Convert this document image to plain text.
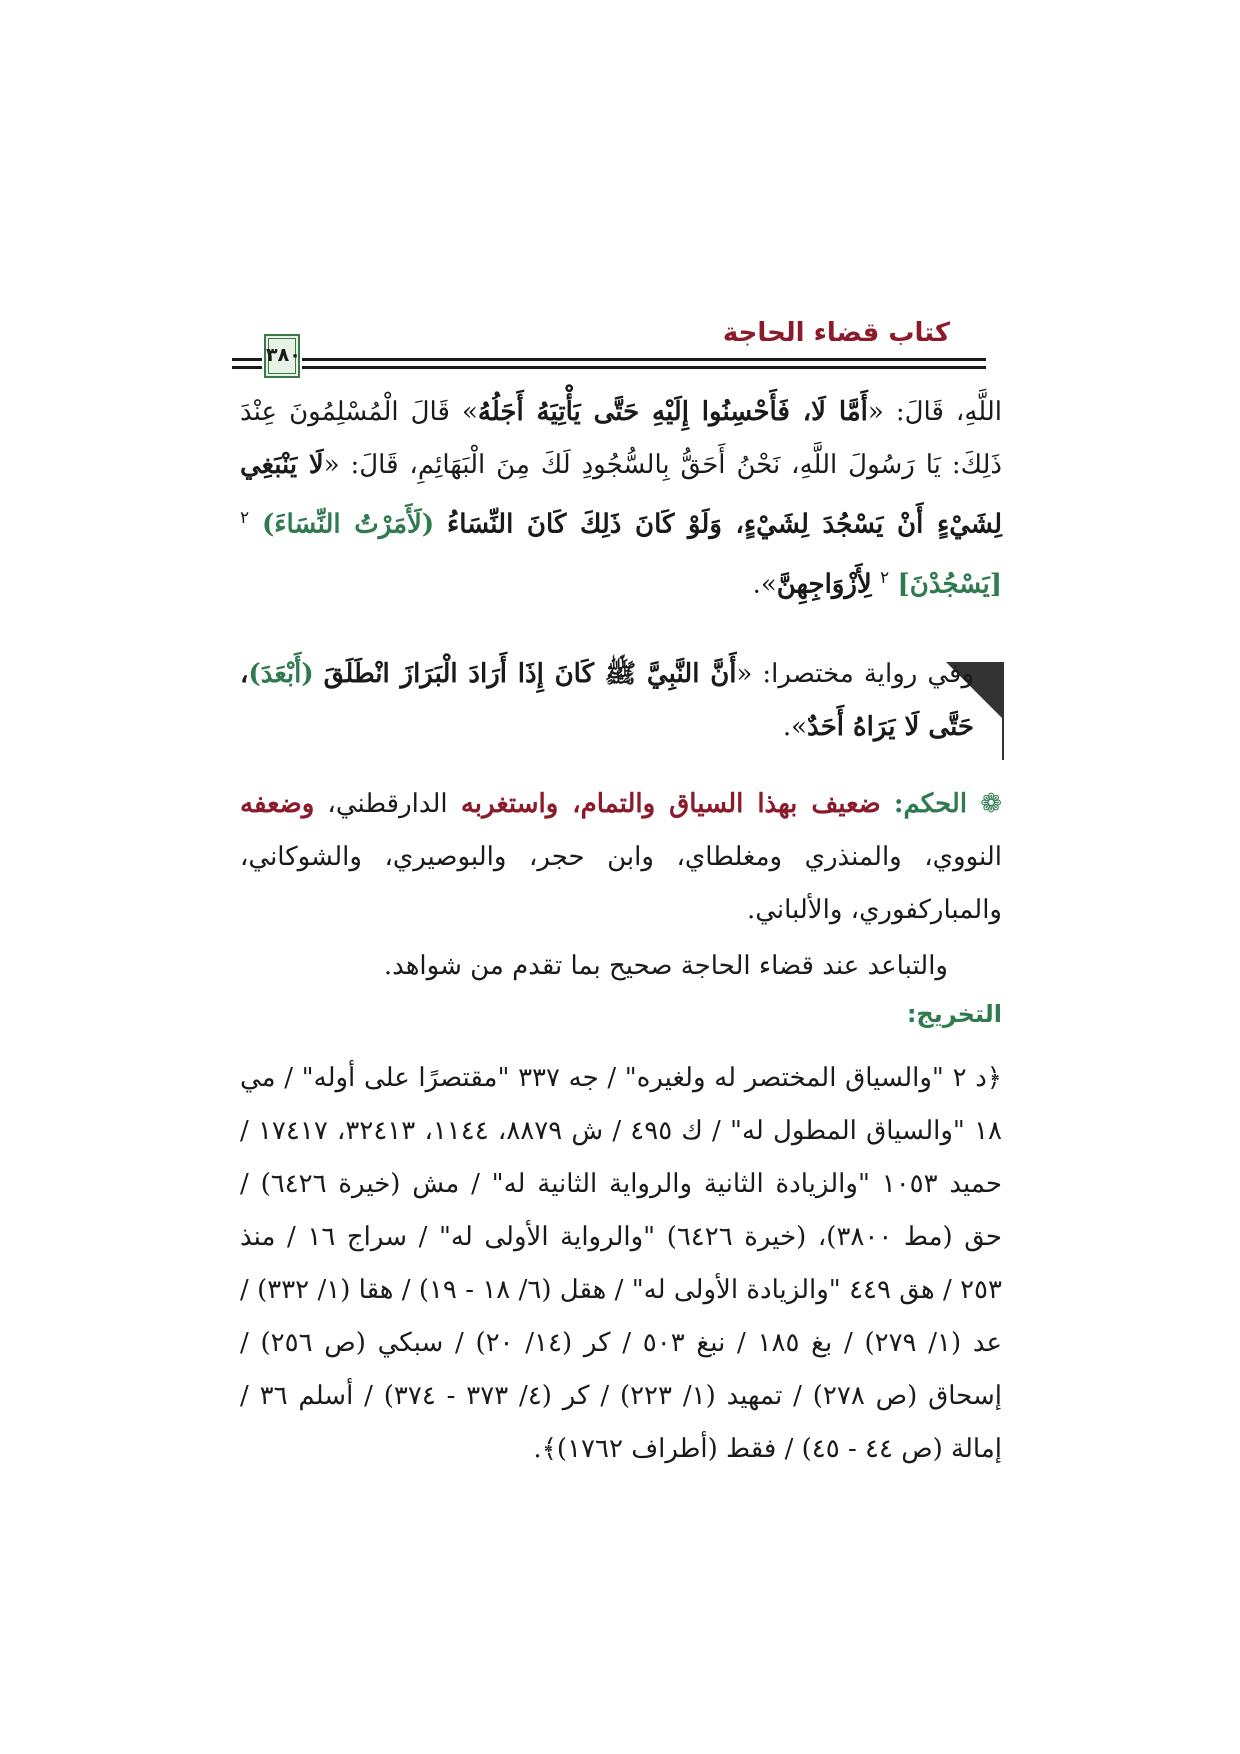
كتاب قضاء الحاجة
٣٨٠
اللَّهِ، قَالَ: «أَمَّا لَا، فَأَحْسِنُوا إِلَيْهِ حَتَّى يَأْتِيَهُ أَجَلُهُ» قَالَ الْمُسْلِمُونَ عِنْدَ ذَلِكَ: يَا رَسُولَ اللَّهِ، نَحْنُ أَحَقُّ بِالسُّجُودِ لَكَ مِنَ الْبَهَائِمِ، قَالَ: «لَا يَنْبَغِي لِشَيْءٍ أَنْ يَسْجُدَ لِشَيْءٍ، وَلَوْ كَانَ ذَلِكَ كَانَ النِّسَاءُ (لَأَمَرْتُ النِّسَاءَ) $^٢$ [يَسْجُدْنَ] $^٢$ لِأَزْوَاجِهِنَّ».
وفي رواية مختصرا: «أَنَّ النَّبِيَّ ﷺ كَانَ إِذَا أَرَادَ الْبَرَازَ انْطَلَقَ (أَبْعَدَ)، حَتَّى لَا يَرَاهُ أَحَدٌ».
❁ الحكم: ضعيف بهذا السياق والتمام، واستغربه الدارقطني، وضعفه النووي، والمنذري ومغلطاي، وابن حجر، والبوصيري، والشوكاني، والمباركفوري، والألباني.
والتباعد عند قضاء الحاجة صحيح بما تقدم من شواهد.
التخريج:
﴿د ٢ "والسياق المختصر له ولغيره" / جه ٣٣٧ "مقتصرًا على أوله" / مي ١٨ "والسياق المطول له" / ك ٤٩٥ / ش ٨٨٧٩، ١١٤٤، ٣٢٤١٣، ١٧٤١٧ / حميد ١٠٥٣ "والزيادة الثانية والرواية الثانية له" / مش (خيرة ٦٤٢٦) / حق (مط ٣٨٠٠)، (خيرة ٦٤٢٦) "والرواية الأولى له" / سراج ١٦ / منذ ٢٥٣ / هق ٤٤٩ "والزيادة الأولى له" / هقل (٦/ ١٨ - ١٩) / هقا (١/ ٣٣٢) / عد (١/ ٢٧٩) / بغ ١٨٥ / نبغ ٥٠٣ / كر (١٤/ ٢٠) / سبكي (ص ٢٥٦) / إسحاق (ص ٢٧٨) / تمهيد (١/ ٢٢٣) / كر (٤/ ٣٧٣ - ٣٧٤) / أسلم ٣٦ / إمالة (ص ٤٤ - ٤٥) / فقط (أطراف ١٧٦٢)﴾.
